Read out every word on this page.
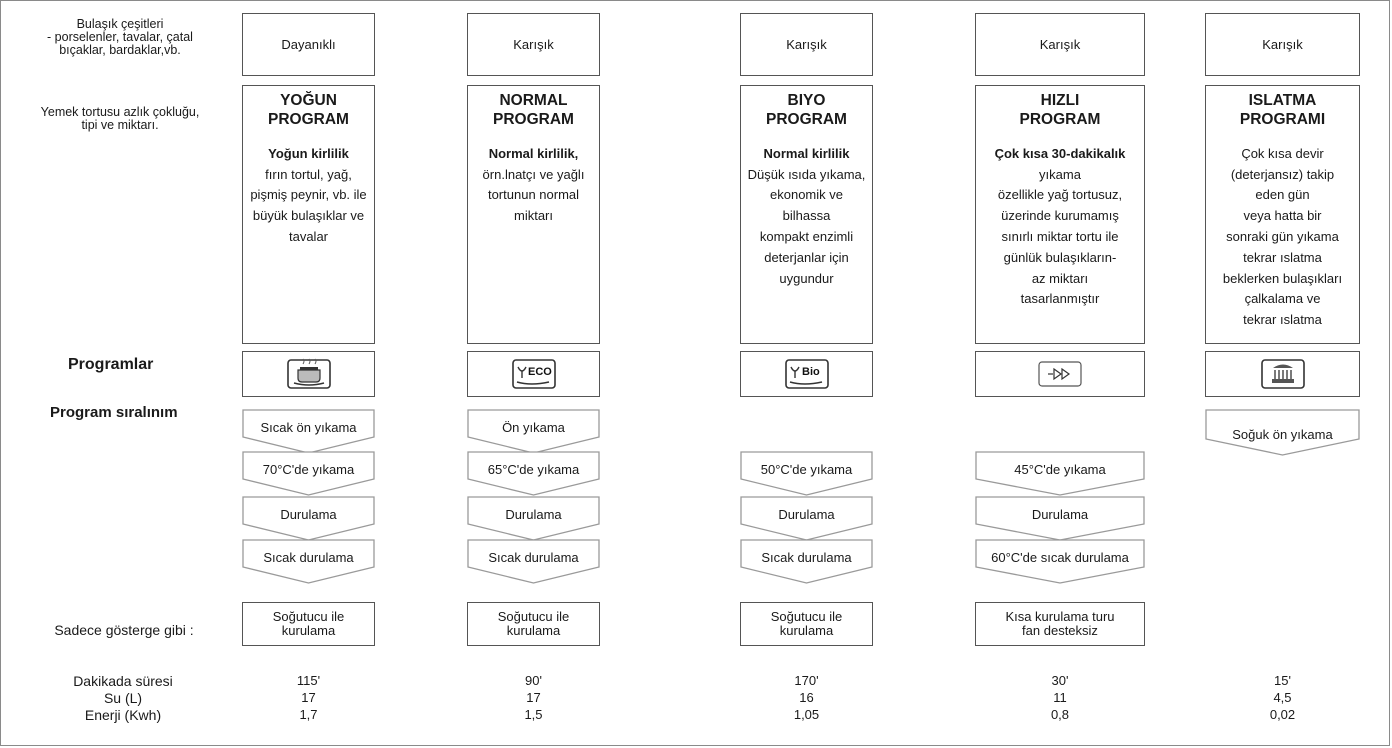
Bulaşık çeşitleri
- porselenler, tavalar, çatal
bıçaklar, bardaklar,vb.
Yemek tortusu azlık çokluğu,
tipi ve miktarı.
Programlar
Program sıralınım
Sadece gösterge gibi :
Dakikada süresi
Su (L)
Enerji (Kwh)
Dayanıklı
YOĞUN
PROGRAM
Yoğun kirlilik
fırın tortul, yağ,
pişmiş peynir, vb. ile
büyük bulaşıklar ve
tavalar
Sıcak ön yıkama
70°C'de yıkama
Durulama
Sıcak durulama
Soğutucu ile
kurulama
115'
17
1,7
Karışık
NORMAL
PROGRAM
Normal kirlilik,
örn.lnatçı ve yağlı
tortunun normal
miktarı
ECO
Ön yıkama
65°C'de yıkama
Durulama
Sıcak durulama
Soğutucu ile
kurulama
90'
17
1,5
Karışık
BIYO
PROGRAM
Normal kirlilik
Düşük ısıda yıkama,
ekonomik ve
bilhassa
kompakt enzimli
deterjanlar için
uygundur
Bio
50°C'de yıkama
Durulama
Sıcak durulama
Soğutucu ile
kurulama
170'
16
1,05
Karışık
HIZLI
PROGRAM
Çok kısa 30-dakikalık
yıkama
özellikle yağ tortusuz,
üzerinde kurumamış
sınırlı miktar tortu ile
günlük bulaşıkların-
az miktarı
tasarlanmıştır
45°C'de yıkama
Durulama
60°C'de sıcak durulama
Kısa kurulama turu
fan desteksiz
30'
11
0,8
Karışık
ISLATMA
PROGRAMI
Çok kısa devir
(deterjansız) takip
eden gün
veya hatta bir
sonraki gün yıkama
tekrar ıslatma
beklerken bulaşıkları
çalkalama ve
tekrar ıslatma
Soğuk ön yıkama
15'
4,5
0,02
